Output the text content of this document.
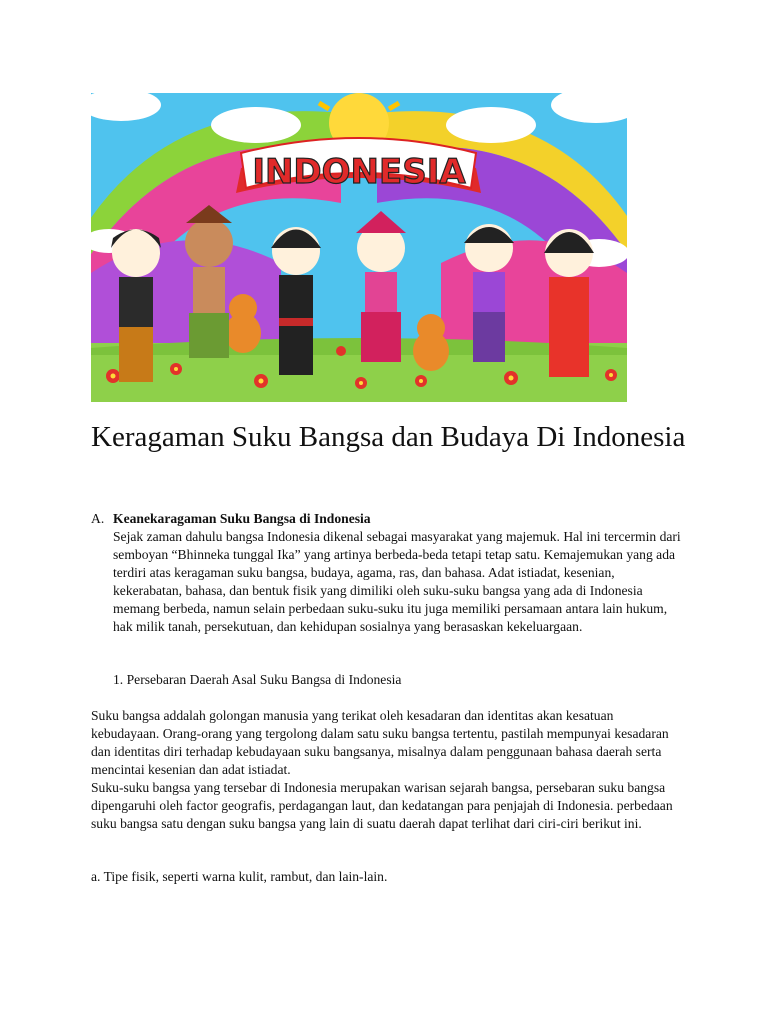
INDONESIA
Keragaman Suku Bangsa dan Budaya Di Indonesia
A. Keanekaragaman Suku Bangsa di Indonesia

Sejak zaman dahulu bangsa Indonesia dikenal sebagai masyarakat yang majemuk. Hal ini tercermin dari semboyan “Bhinneka tunggal Ika” yang artinya berbeda-beda tetapi tetap satu. Kemajemukan yang ada terdiri atas keragaman suku bangsa, budaya, agama, ras, dan bahasa. Adat istiadat, kesenian, kekerabatan, bahasa, dan bentuk fisik yang dimiliki oleh suku-suku bangsa yang ada di Indonesia memang berbeda, namun selain perbedaan suku-suku itu juga memiliki persamaan antara lain hukum, hak milik tanah, persekutuan, dan kehidupan sosialnya yang berasaskan kekeluargaan.

1. Persebaran Daerah Asal Suku Bangsa di Indonesia

Suku bangsa addalah golongan manusia yang terikat oleh kesadaran dan identitas akan kesatuan kebudayaan. Orang-orang yang tergolong dalam satu suku bangsa tertentu, pastilah mempunyai kesadaran dan identitas diri terhadap kebudayaan suku bangsanya, misalnya dalam penggunaan bahasa daerah serta mencintai kesenian dan adat istiadat.

Suku-suku bangsa yang tersebar di Indonesia merupakan warisan sejarah bangsa, persebaran suku bangsa dipengaruhi oleh factor geografis, perdagangan laut, dan kedatangan para penjajah di Indonesia. perbedaan suku bangsa satu dengan suku bangsa yang lain di suatu daerah dapat terlihat dari ciri-ciri berikut ini.

a. Tipe fisik, seperti warna kulit, rambut, dan lain-lain.
